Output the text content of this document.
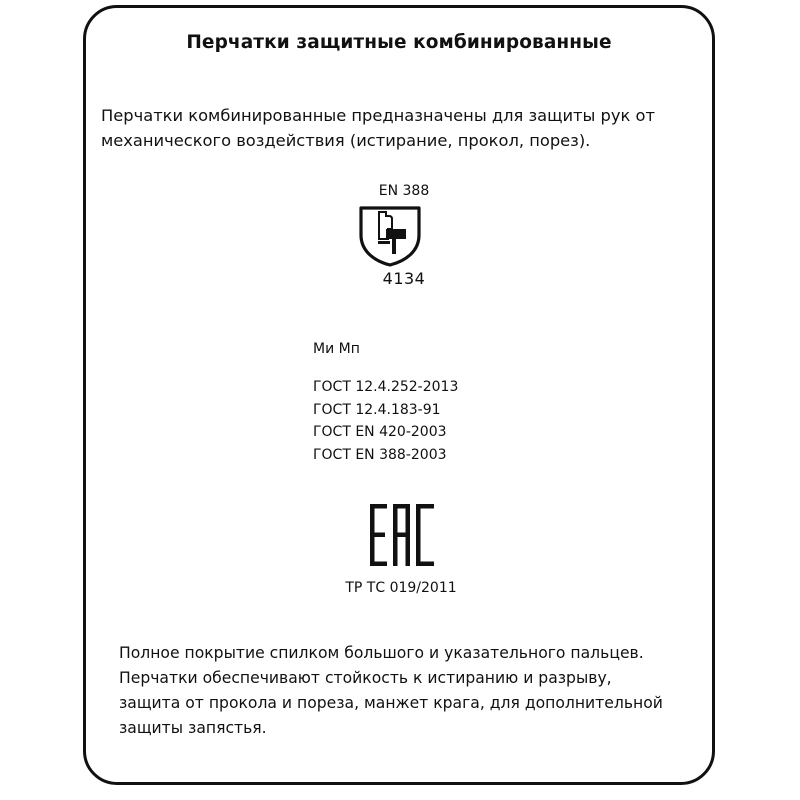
Перчатки защитные комбинированные

Перчатки комбинированные предназначены для защиты рук от

механического воздействия (истирание, прокол, порез).

EN 388
4134
Ми Мп
ГОСТ 12.4.252-2013
ГОСТ 12.4.183-91
ГОСТ EN 420-2003
ГОСТ EN 388-2003
ТР ТС 019/2011

Полное покрытие спилком большого и указательного пальцев.

Перчатки обеспечивают стойкость к истиранию и разрыву,

защита от прокола и пореза, манжет крага, для дополнительной

защиты запястья.
